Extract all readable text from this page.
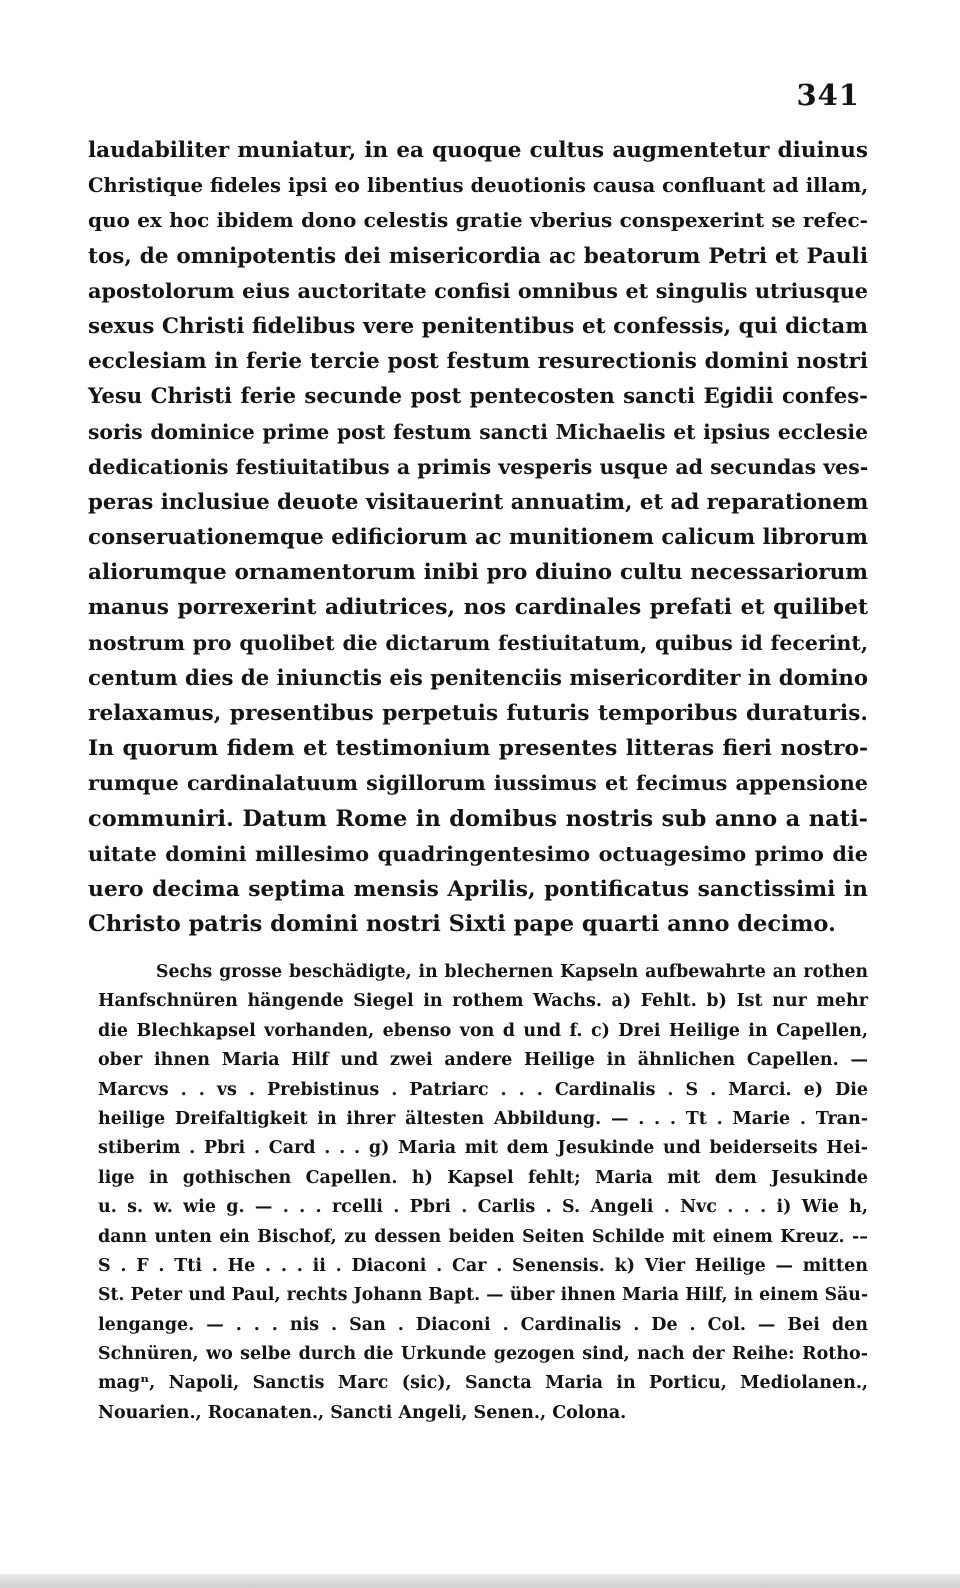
341
laudabiliter muniatur, in ea quoque cultus augmentetur diuinus
Christique fideles ipsi eo libentius deuotionis causa confluant ad illam,
quo ex hoc ibidem dono celestis gratie vberius conspexerint se refec-
tos, de omnipotentis dei misericordia ac beatorum Petri et Pauli
apostolorum eius auctoritate confisi omnibus et singulis utriusque
sexus Christi fidelibus vere penitentibus et confessis, qui dictam
ecclesiam in ferie tercie post festum resurectionis domini nostri
Yesu Christi ferie secunde post pentecosten sancti Egidii confes-
soris dominice prime post festum sancti Michaelis et ipsius ecclesie
dedicationis festiuitatibus a primis vesperis usque ad secundas ves-
peras inclusiue deuote visitauerint annuatim, et ad reparationem
conseruationemque edificiorum ac munitionem calicum librorum
aliorumque ornamentorum inibi pro diuino cultu necessariorum
manus porrexerint adiutrices, nos cardinales prefati et quilibet
nostrum pro quolibet die dictarum festiuitatum, quibus id fecerint,
centum dies de iniunctis eis penitenciis misericorditer in domino
relaxamus, presentibus perpetuis futuris temporibus duraturis.
In quorum fidem et testimonium presentes litteras fieri nostro-
rumque cardinalatuum sigillorum iussimus et fecimus appensione
communiri. Datum Rome in domibus nostris sub anno a nati-
uitate domini millesimo quadringentesimo octuagesimo primo die
uero decima septima mensis Aprilis, pontificatus sanctissimi in
Christo patris domini nostri Sixti pape quarti anno decimo.
Sechs grosse beschädigte, in blechernen Kapseln aufbewahrte an rothen
Hanfschnüren hängende Siegel in rothem Wachs. a) Fehlt. b) Ist nur mehr
die Blechkapsel vorhanden, ebenso von d und f. c) Drei Heilige in Capellen,
ober ihnen Maria Hilf und zwei andere Heilige in ähnlichen Capellen. —
Marcvs . . vs . Prebistinus . Patriarc . . . Cardinalis . S . Marci. e) Die
heilige Dreifaltigkeit in ihrer ältesten Abbildung. — . . . Tt . Marie . Tran-
stiberim . Pbri . Card . . . g) Maria mit dem Jesukinde und beiderseits Hei-
lige in gothischen Capellen. h) Kapsel fehlt; Maria mit dem Jesukinde
u. s. w. wie g. — . . . rcelli . Pbri . Carlis . S. Angeli . Nvc . . . i) Wie h,
dann unten ein Bischof, zu dessen beiden Seiten Schilde mit einem Kreuz. -–
S . F . Tti . He . . . ii . Diaconi . Car . Senensis. k) Vier Heilige — mitten
St. Peter und Paul, rechts Johann Bapt. — über ihnen Maria Hilf, in einem Säu-
lengange. — . . . nis . San . Diaconi . Cardinalis . De . Col. — Bei den
Schnüren, wo selbe durch die Urkunde gezogen sind, nach der Reihe: Rotho-
magⁿ, Napoli, Sanctis Marc (sic), Sancta Maria in Porticu, Mediolanen.,
Nouarien., Rocanaten., Sancti Angeli, Senen., Colona.
